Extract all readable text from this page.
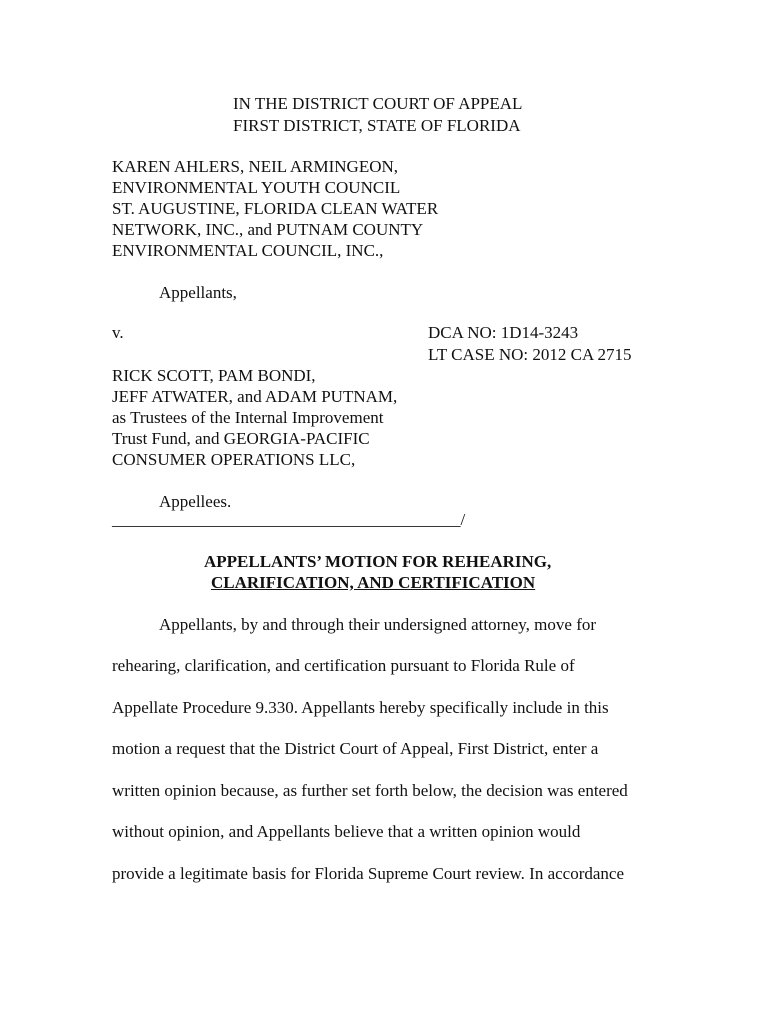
IN THE DISTRICT COURT OF APPEAL
FIRST DISTRICT, STATE OF FLORIDA
KAREN AHLERS, NEIL ARMINGEON,
ENVIRONMENTAL YOUTH COUNCIL
ST. AUGUSTINE, FLORIDA CLEAN WATER
NETWORK, INC., and PUTNAM COUNTY
ENVIRONMENTAL COUNCIL, INC.,
Appellants,
v.	DCA NO: 1D14-3243
LT CASE NO: 2012 CA 2715
RICK SCOTT, PAM BONDI,
JEFF ATWATER, and ADAM PUTNAM,
as Trustees of the Internal Improvement
Trust Fund, and GEORGIA-PACIFIC
CONSUMER OPERATIONS LLC,
Appellees.
_________________________________________/
APPELLANTS’ MOTION FOR REHEARING,
CLARIFICATION, AND CERTIFICATION
Appellants, by and through their undersigned attorney, move for
rehearing, clarification, and certification pursuant to Florida Rule of
Appellate Procedure 9.330. Appellants hereby specifically include in this
motion a request that the District Court of Appeal, First District, enter a
written opinion because, as further set forth below, the decision was entered
without opinion, and Appellants believe that a written opinion would
provide a legitimate basis for Florida Supreme Court review. In accordance
